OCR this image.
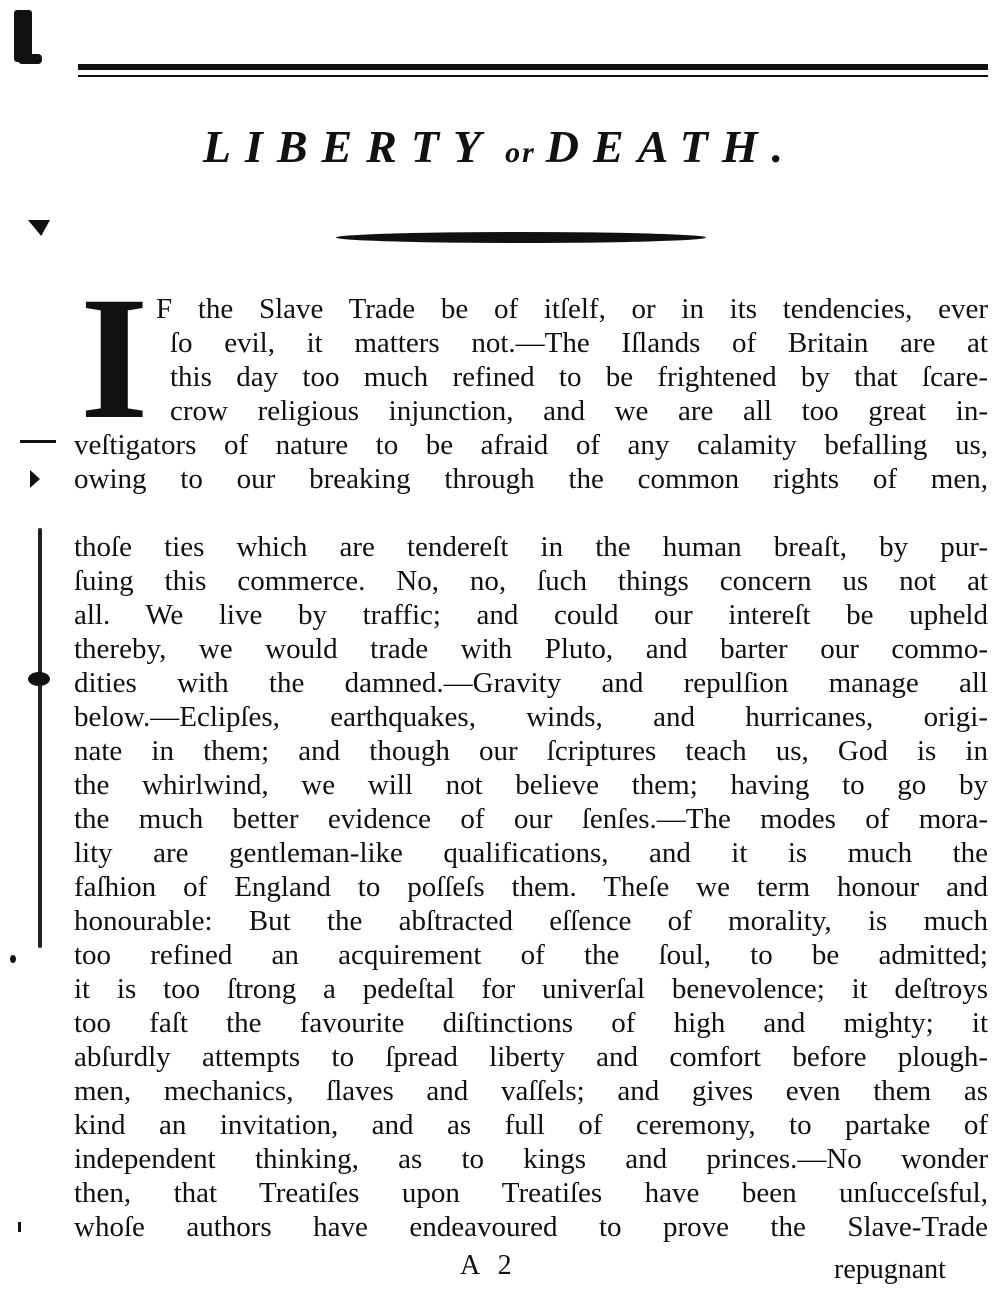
LIBERTY or DEATH.
I F the Slave Trade be of itſelf, or in its tendencies, ever
ſo evil, it matters not.—The Iſlands of Britain are at
this day too much refined to be frightened by that ſcare-
crow religious injunction, and we are all too great in-
veſtigators of nature to be afraid of any calamity befalling us,
owing to our breaking through the common rights of men,
thoſe ties which are tendereſt in the human breaſt, by pur-
ſuing this commerce. No, no, ſuch things concern us not at
all. We live by traffic; and could our intereſt be upheld
thereby, we would trade with Pluto, and barter our commo-
dities with the damned.—Gravity and repulſion manage all
below.—Eclipſes, earthquakes, winds, and hurricanes, origi-
nate in them; and though our ſcriptures teach us, God is in
the whirlwind, we will not believe them; having to go by
the much better evidence of our ſenſes.—The modes of mora-
lity are gentleman-like qualifications, and it is much the
faſhion of England to poſſeſs them. Theſe we term honour and
honourable: But the abſtracted eſſence of morality, is much
too refined an acquirement of the ſoul, to be admitted;
it is too ſtrong a pedeſtal for univerſal benevolence; it deſtroys
too faſt the favourite diſtinctions of high and mighty; it
abſurdly attempts to ſpread liberty and comfort before plough-
men, mechanics, ſlaves and vaſſels; and gives even them as
kind an invitation, and as full of ceremony, to partake of
independent thinking, as to kings and princes.—No wonder
then, that Treatiſes upon Treatiſes have been unſucceſsful,
whoſe authors have endeavoured to prove the Slave-Trade
A 2	repugnant
